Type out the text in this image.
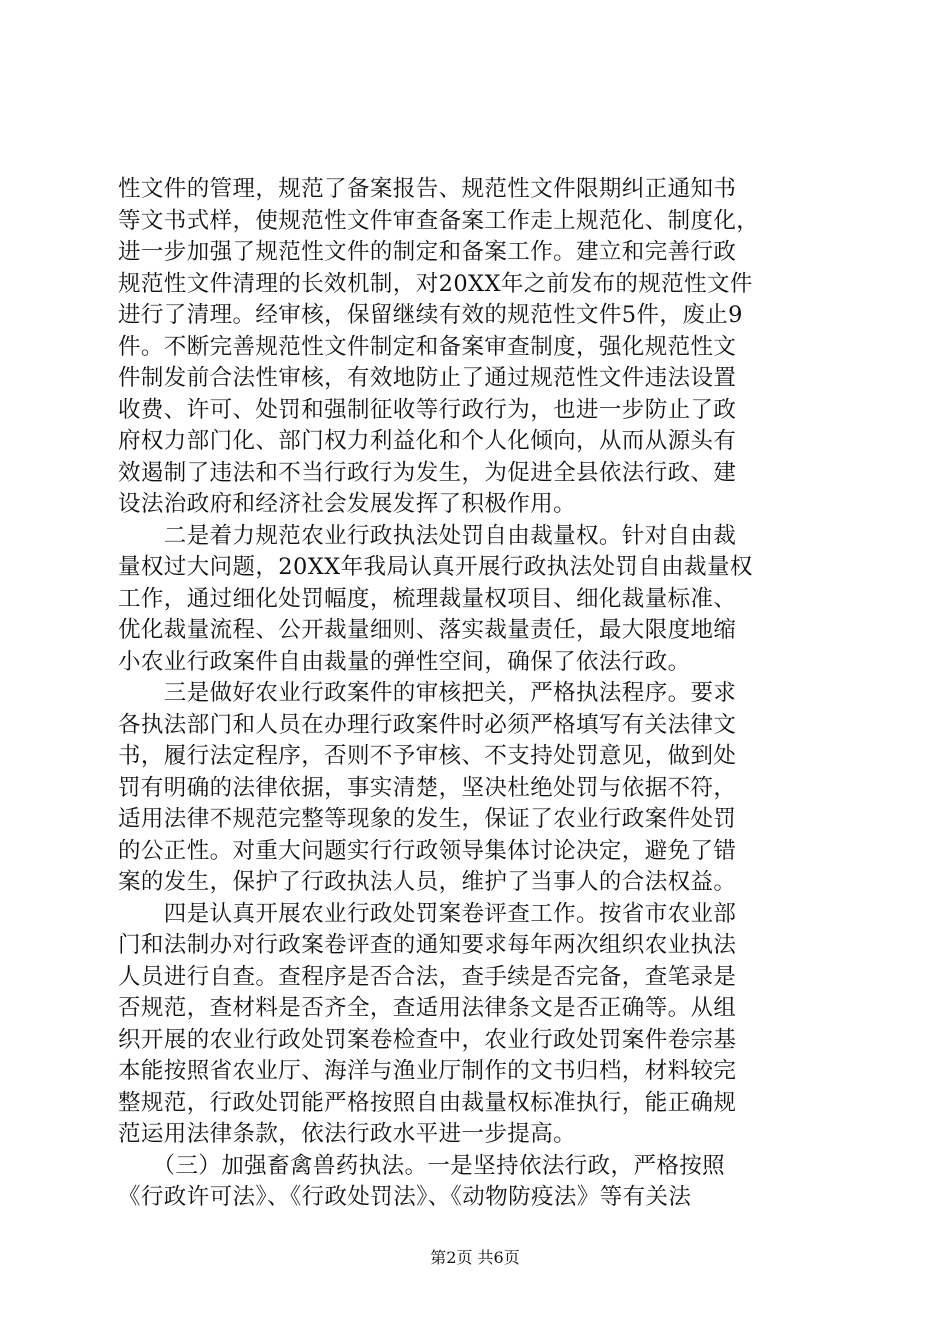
性文件的管理，规范了备案报告、规范性文件限期纠正通知书
等文书式样，使规范性文件审查备案工作走上规范化、制度化，
进一步加强了规范性文件的制定和备案工作。建立和完善行政
规范性文件清理的长效机制，对20XX年之前发布的规范性文件
进行了清理。经审核，保留继续有效的规范性文件5件，废止9
件。不断完善规范性文件制定和备案审查制度，强化规范性文
件制发前合法性审核，有效地防止了通过规范性文件违法设置
收费、许可、处罚和强制征收等行政行为，也进一步防止了政
府权力部门化、部门权力利益化和个人化倾向，从而从源头有
效遏制了违法和不当行政行为发生，为促进全县依法行政、建
设法治政府和经济社会发展发挥了积极作用。
　　二是着力规范农业行政执法处罚自由裁量权。针对自由裁
量权过大问题，20XX年我局认真开展行政执法处罚自由裁量权
工作，通过细化处罚幅度，梳理裁量权项目、细化裁量标准、
优化裁量流程、公开裁量细则、落实裁量责任，最大限度地缩
小农业行政案件自由裁量的弹性空间，确保了依法行政。
　　三是做好农业行政案件的审核把关，严格执法程序。要求
各执法部门和人员在办理行政案件时必须严格填写有关法律文
书，履行法定程序，否则不予审核、不支持处罚意见，做到处
罚有明确的法律依据，事实清楚，坚决杜绝处罚与依据不符，
适用法律不规范完整等现象的发生，保证了农业行政案件处罚
的公正性。对重大问题实行行政领导集体讨论决定，避免了错
案的发生，保护了行政执法人员，维护了当事人的合法权益。
　　四是认真开展农业行政处罚案卷评查工作。按省市农业部
门和法制办对行政案卷评查的通知要求每年两次组织农业执法
人员进行自查。查程序是否合法，查手续是否完备，查笔录是
否规范，查材料是否齐全，查适用法律条文是否正确等。从组
织开展的农业行政处罚案卷检查中，农业行政处罚案件卷宗基
本能按照省农业厅、海洋与渔业厅制作的文书归档，材料较完
整规范，行政处罚能严格按照自由裁量权标准执行，能正确规
范运用法律条款，依法行政水平进一步提高。
　　（三）加强畜禽兽药执法。一是坚持依法行政，严格按照
《行政许可法》、《行政处罚法》、《动物防疫法》等有关法
第2页 共6页
